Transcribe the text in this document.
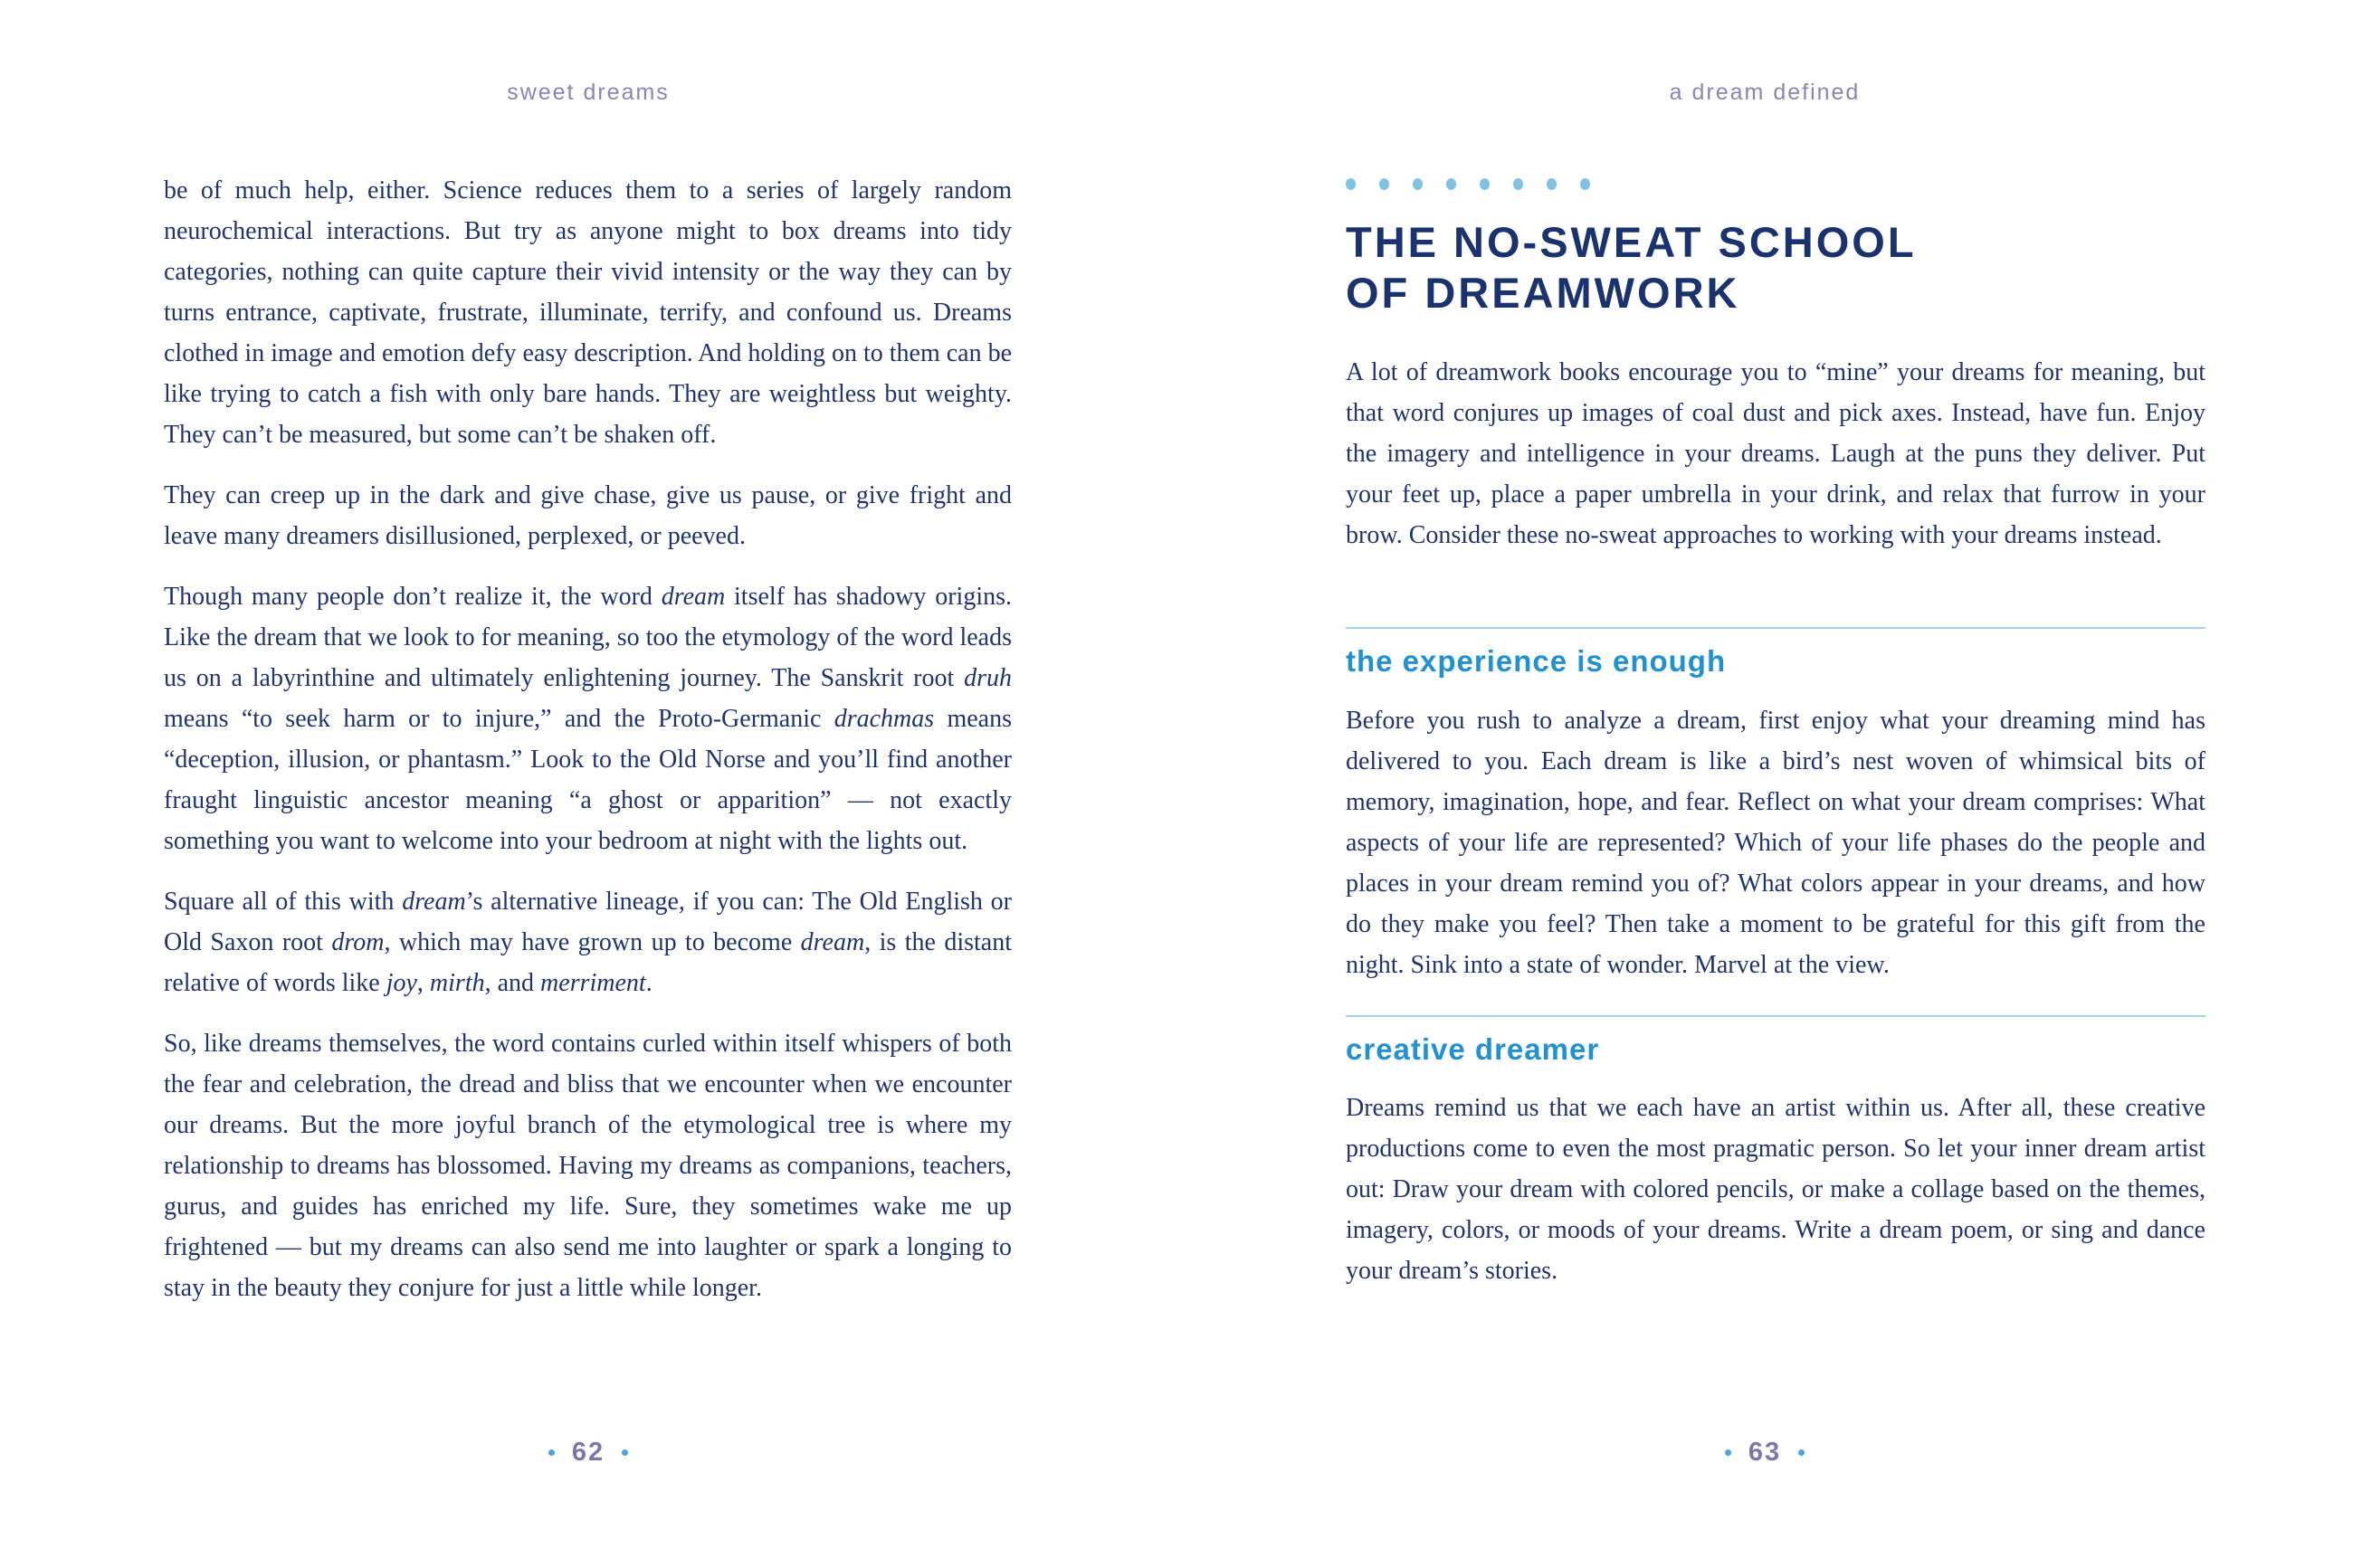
sweet dreams

be of much help, either. Science reduces them to a series of largely random neurochemical interactions. But try as anyone might to box dreams into tidy categories, nothing can quite capture their vivid intensity or the way they can by turns entrance, captivate, frustrate, illuminate, terrify, and confound us. Dreams clothed in image and emotion defy easy description. And holding on to them can be like trying to catch a fish with only bare hands. They are weightless but weighty. They can’t be measured, but some can’t be shaken off.

They can creep up in the dark and give chase, give us pause, or give fright and leave many dreamers disillusioned, perplexed, or peeved.

Though many people don’t realize it, the word dream itself has shadowy origins. Like the dream that we look to for meaning, so too the etymology of the word leads us on a labyrinthine and ultimately enlightening journey. The Sanskrit root druh means “to seek harm or to injure,” and the Proto-Germanic drachmas means “deception, illusion, or phantasm.” Look to the Old Norse and you’ll find another fraught linguistic ancestor meaning “a ghost or apparition” — not exactly something you want to welcome into your bedroom at night with the lights out.

Square all of this with dream’s alternative lineage, if you can: The Old English or Old Saxon root drom, which may have grown up to become dream, is the distant relative of words like joy, mirth, and merriment.

So, like dreams themselves, the word contains curled within itself whispers of both the fear and celebration, the dread and bliss that we encounter when we encounter our dreams. But the more joyful branch of the etymological tree is where my relationship to dreams has blossomed. Having my dreams as companions, teachers, gurus, and guides has enriched my life. Sure, they sometimes wake me up frightened — but my dreams can also send me into laughter or spark a longing to stay in the beauty they conjure for just a little while longer.

62
a dream defined
THE NO-SWEAT SCHOOL
OF DREAMWORK

A lot of dreamwork books encourage you to “mine” your dreams for meaning, but that word conjures up images of coal dust and pick axes. Instead, have fun. Enjoy the imagery and intelligence in your dreams. Laugh at the puns they deliver. Put your feet up, place a paper umbrella in your drink, and relax that furrow in your brow. Consider these no-sweat approaches to working with your dreams instead.

the experience is enough

Before you rush to analyze a dream, first enjoy what your dreaming mind has delivered to you. Each dream is like a bird’s nest woven of whimsical bits of memory, imagination, hope, and fear. Reflect on what your dream comprises: What aspects of your life are represented? Which of your life phases do the people and places in your dream remind you of? What colors appear in your dreams, and how do they make you feel? Then take a moment to be grateful for this gift from the night. Sink into a state of wonder. Marvel at the view.

creative dreamer

Dreams remind us that we each have an artist within us. After all, these creative productions come to even the most pragmatic person. So let your inner dream artist out: Draw your dream with colored pencils, or make a collage based on the themes, imagery, colors, or moods of your dreams. Write a dream poem, or sing and dance your dream’s stories.

63
